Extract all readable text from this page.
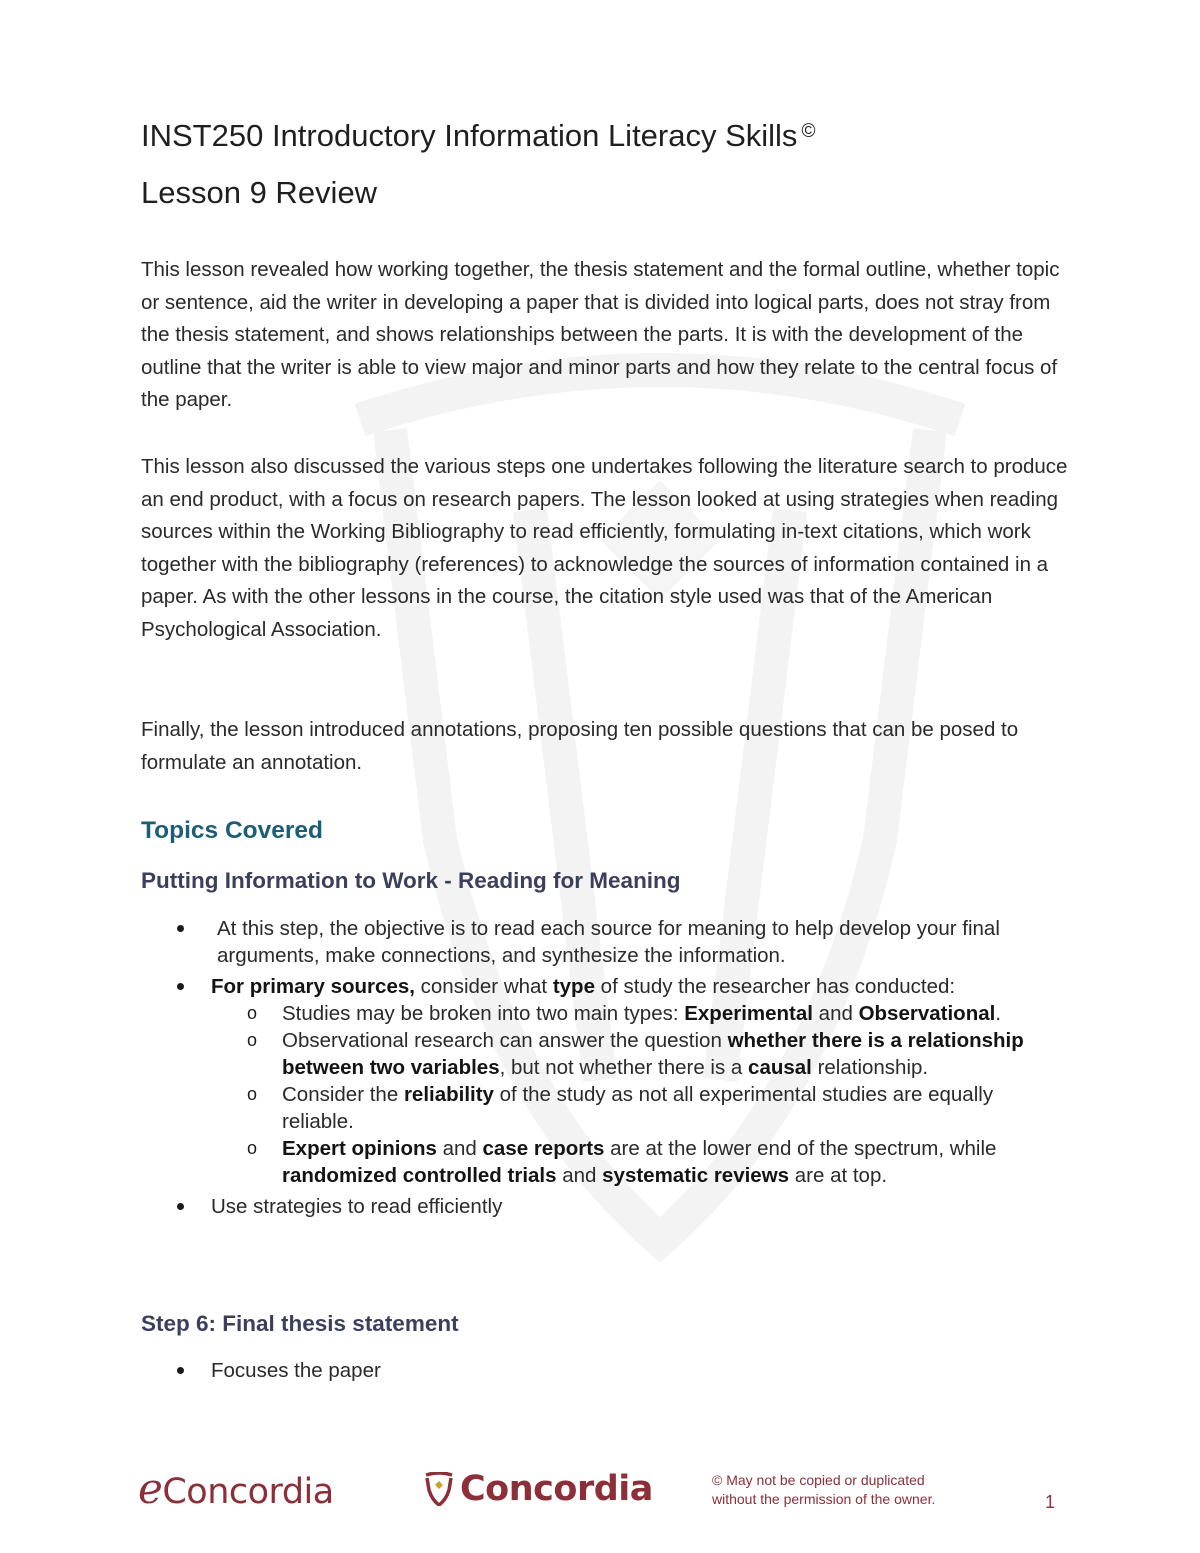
INST250 Introductory Information Literacy Skills ©
Lesson 9 Review

This lesson revealed how working together, the thesis statement and the formal outline, whether topic or sentence, aid the writer in developing a paper that is divided into logical parts, does not stray from the thesis statement, and shows relationships between the parts. It is with the development of the outline that the writer is able to view major and minor parts and how they relate to the central focus of the paper.

This lesson also discussed the various steps one undertakes following the literature search to produce an end product, with a focus on research papers. The lesson looked at using strategies when reading sources within the Working Bibliography to read efficiently, formulating in-text citations, which work together with the bibliography (references) to acknowledge the sources of information contained in a paper. As with the other lessons in the course, the citation style used was that of the American Psychological Association.

Finally, the lesson introduced annotations, proposing ten possible questions that can be posed to formulate an annotation.

Topics Covered
Putting Information to Work - Reading for Meaning
At this step, the objective is to read each source for meaning to help develop your final arguments, make connections, and synthesize the information.
For primary sources, consider what type of study the researcher has conducted:
o Studies may be broken into two main types: Experimental and Observational.
o Observational research can answer the question whether there is a relationship between two variables, but not whether there is a causal relationship.
o Consider the reliability of the study as not all experimental studies are equally reliable.
o Expert opinions and case reports are at the lower end of the spectrum, while randomized controlled trials and systematic reviews are at top.
Use strategies to read efficiently
Step 6: Final thesis statement
Focuses the paper
eConcordia	Concordia	© May not be copied or duplicated
without the permission of the owner.	1
